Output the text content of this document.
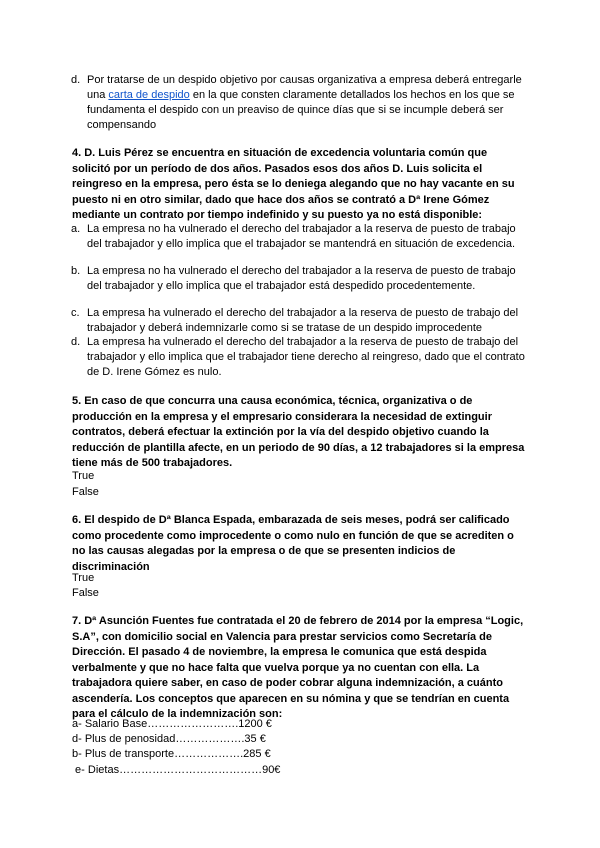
d. Por tratarse de un despido objetivo por causas organizativa a empresa deberá entregarle una carta de despido en la que consten claramente detallados los hechos en los que se fundamenta el despido con un preaviso de quince días que si se incumple deberá ser compensando
4. D. Luis Pérez se encuentra en situación de excedencia voluntaria común que solicitó por un período de dos años. Pasados esos dos años D. Luis solicita el reingreso en la empresa, pero ésta se lo deniega alegando que no hay vacante en su puesto ni en otro similar, dado que hace dos años se contrató a Dª Irene Gómez mediante un contrato por tiempo indefinido y su puesto ya no está disponible:
a. La empresa no ha vulnerado el derecho del trabajador a la reserva de puesto de trabajo del trabajador y ello implica que el trabajador se mantendrá en situación de excedencia.
b. La empresa no ha vulnerado el derecho del trabajador a la reserva de puesto de trabajo del trabajador y ello implica que el trabajador está despedido procedentemente.
c. La empresa ha vulnerado el derecho del trabajador a la reserva de puesto de trabajo del trabajador y deberá indemnizarle como si se tratase de un despido improcedente
d. La empresa ha vulnerado el derecho del trabajador a la reserva de puesto de trabajo del trabajador y ello implica que el trabajador tiene derecho al reingreso, dado que el contrato de D. Irene Gómez es nulo.
5. En caso de que concurra una causa económica, técnica, organizativa o de producción en la empresa y el empresario considerara la necesidad de extinguir contratos, deberá efectuar la extinción por la vía del despido objetivo cuando la reducción de plantilla afecte, en un periodo de 90 días, a 12 trabajadores si la empresa tiene más de 500 trabajadores.
True
False
6. El despido de Dª Blanca Espada, embarazada de seis meses, podrá ser calificado como procedente como improcedente o como nulo en función de que se acrediten o no las causas alegadas por la empresa o de que se presenten indicios de discriminación
True
False
7. Dª Asunción Fuentes fue contratada el 20 de febrero de 2014 por la empresa “Logic, S.A”, con domicilio social en Valencia para prestar servicios como Secretaría de Dirección. El pasado 4 de noviembre, la empresa le comunica que está despida verbalmente y que no hace falta que vuelva porque ya no cuentan con ella. La trabajadora quiere saber, en caso de poder cobrar alguna indemnización, a cuánto ascendería. Los conceptos que aparecen en su nómina y que se tendrían en cuenta para el cálculo de la indemnización son:
a- Salario Base…………………….1200 €
d- Plus de penosidad……………….35 €
b- Plus de transporte……………….285 €
e- Dietas…………………………………90€
